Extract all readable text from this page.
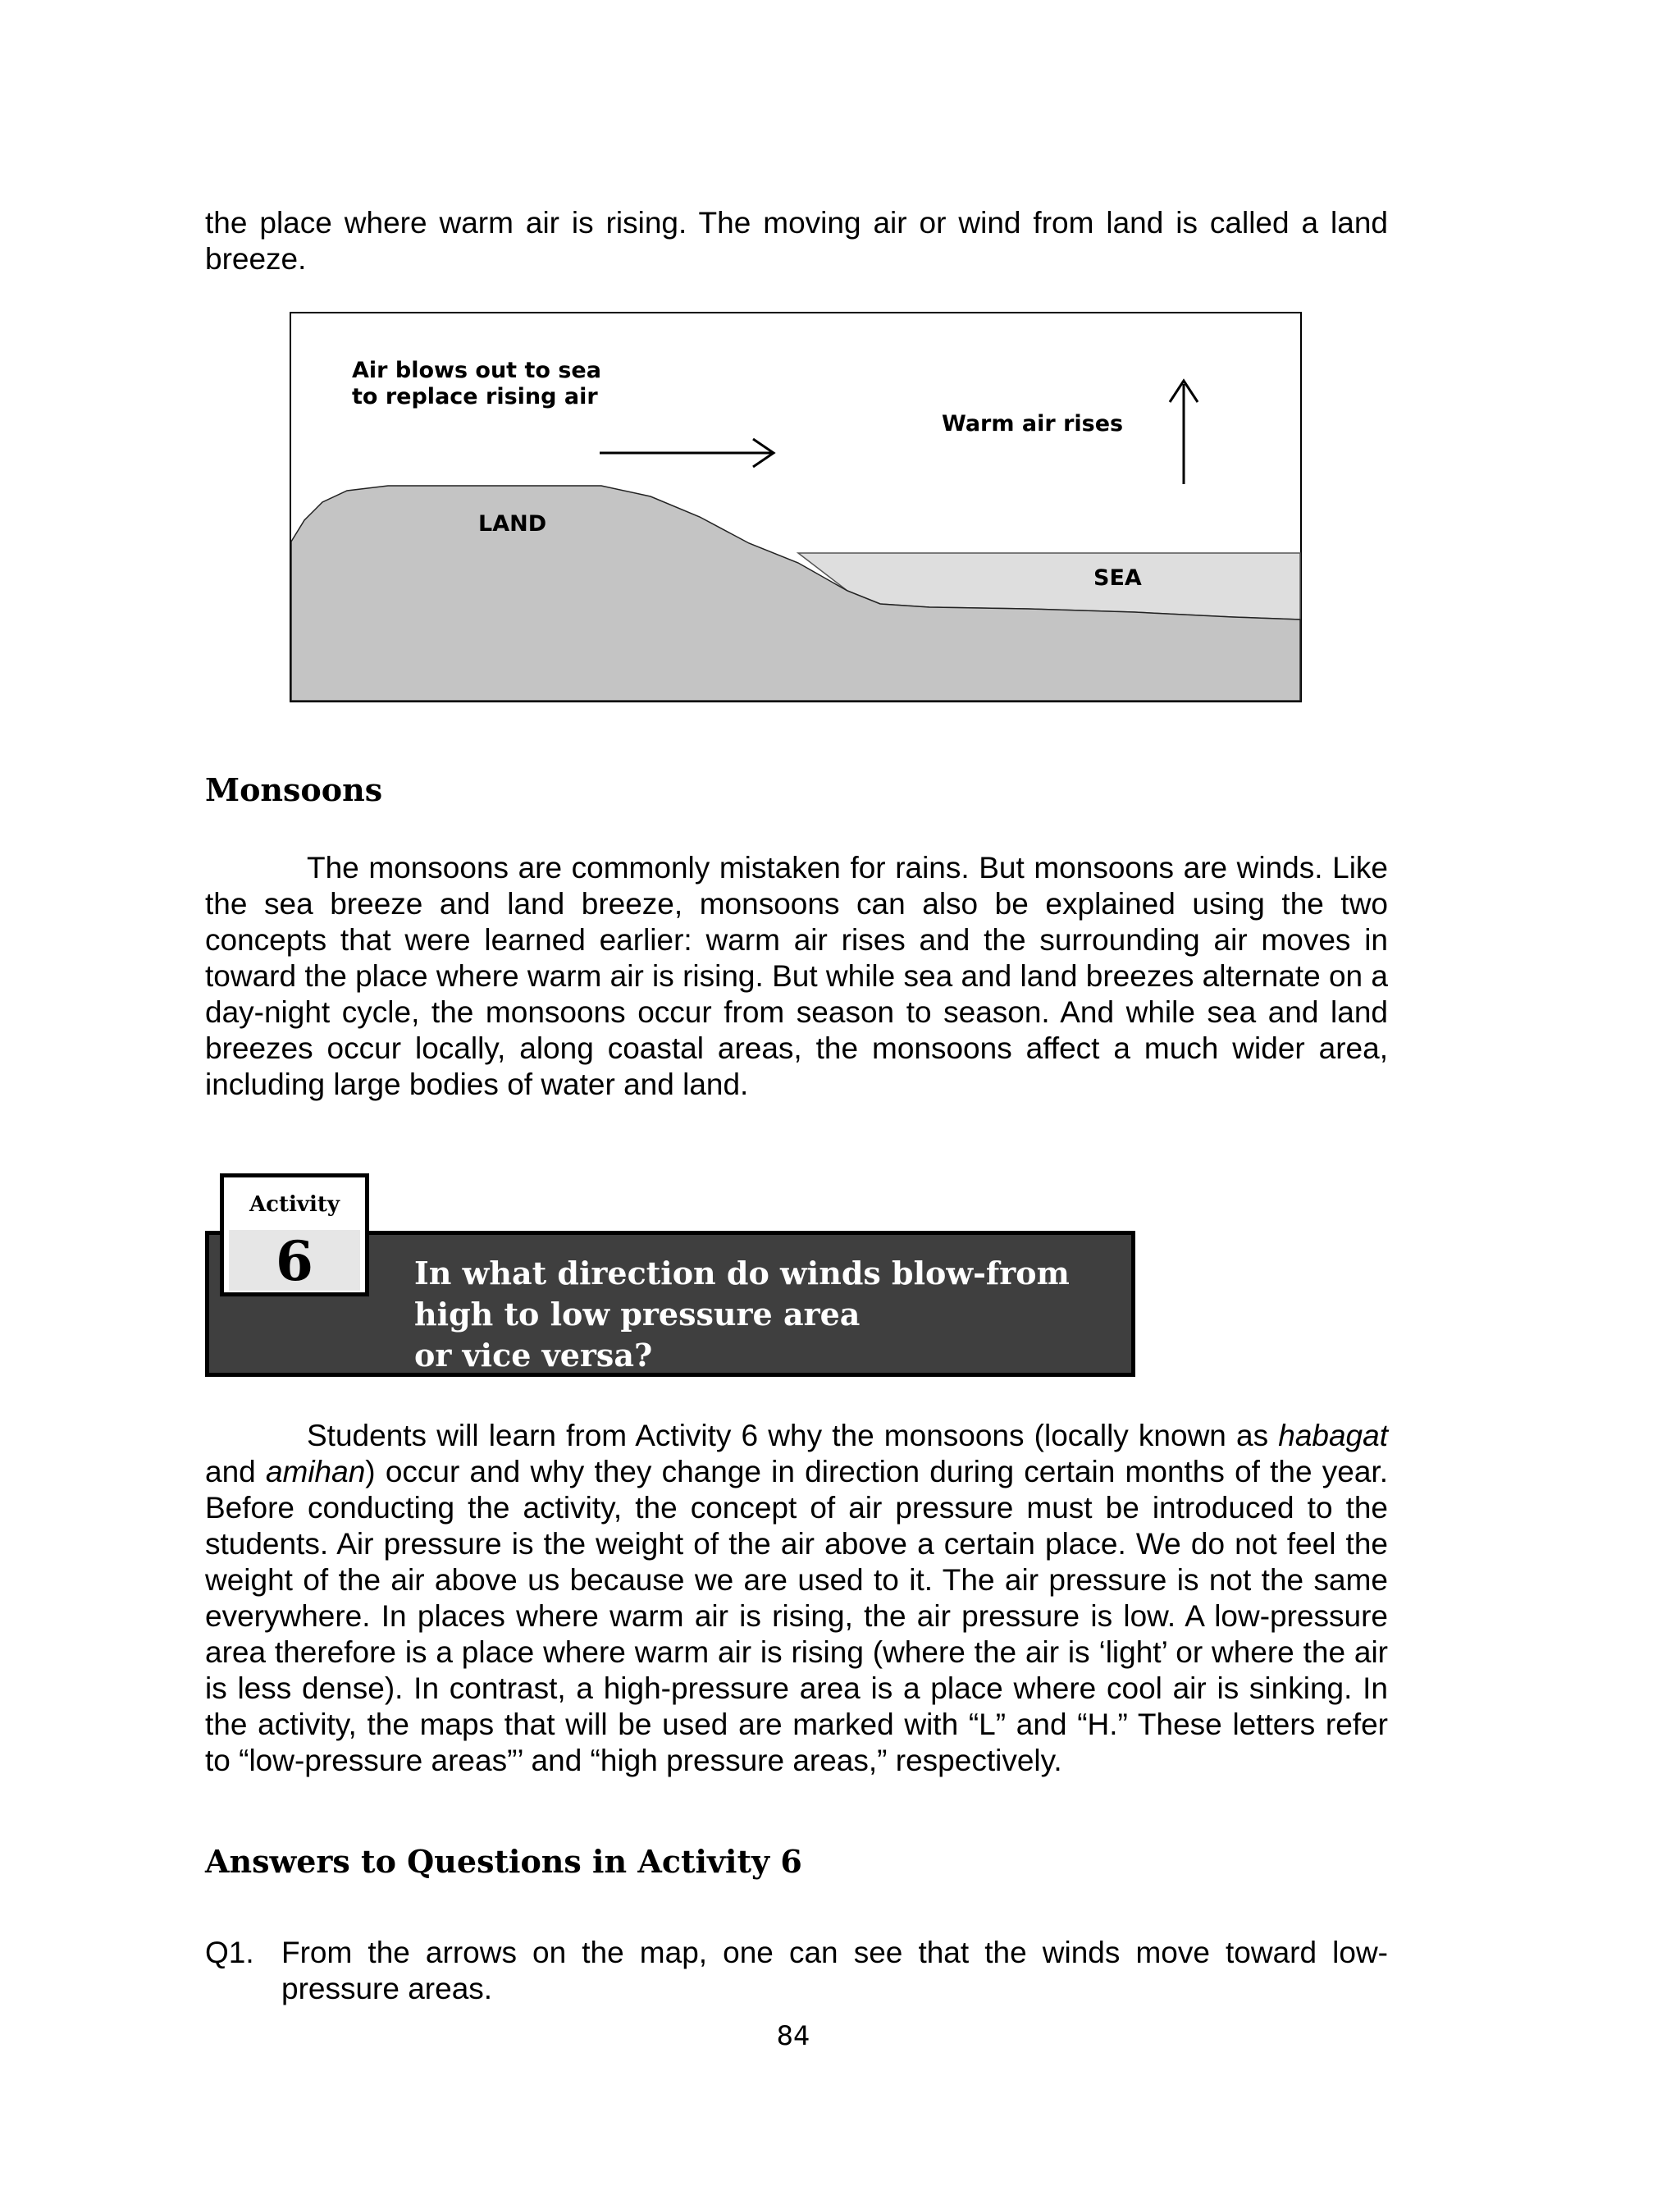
the place where warm air is rising. The moving air or wind from land is called a land breeze.

Air blows out to sea
to replace rising air
Warm air rises
LAND
SEA
Monsoons

The monsoons are commonly mistaken for rains. But monsoons are winds. Like the sea breeze and land breeze, monsoons can also be explained using the two concepts that were learned earlier: warm air rises and the surrounding air moves in toward the place where warm air is rising. But while sea and land breezes alternate on a day-night cycle, the monsoons occur from season to season. And while sea and land breezes occur locally, along coastal areas, the monsoons affect a much wider area, including large bodies of water and land.

In what direction do winds blow-from
high to low pressure area
or vice versa?

Activity
6

Students will learn from Activity 6 why the monsoons (locally known as habagat and amihan) occur and why they change in direction during certain months of the year. Before conducting the activity, the concept of air pressure must be introduced to the students. Air pressure is the weight of the air above a certain place. We do not feel the weight of the air above us because we are used to it. The air pressure is not the same everywhere. In places where warm air is rising, the air pressure is low. A low-pressure area therefore is a place where warm air is rising (where the air is ‘light’ or where the air is less dense). In contrast, a high-pressure area is a place where cool air is sinking. In the activity, the maps that will be used are marked with “L” and “H.” These letters refer to “low-pressure areas”’ and “high pressure areas,” respectively.

Answers to Questions in Activity 6
Q1. From the arrows on the map, one can see that the winds move toward low-pressure areas.
84
